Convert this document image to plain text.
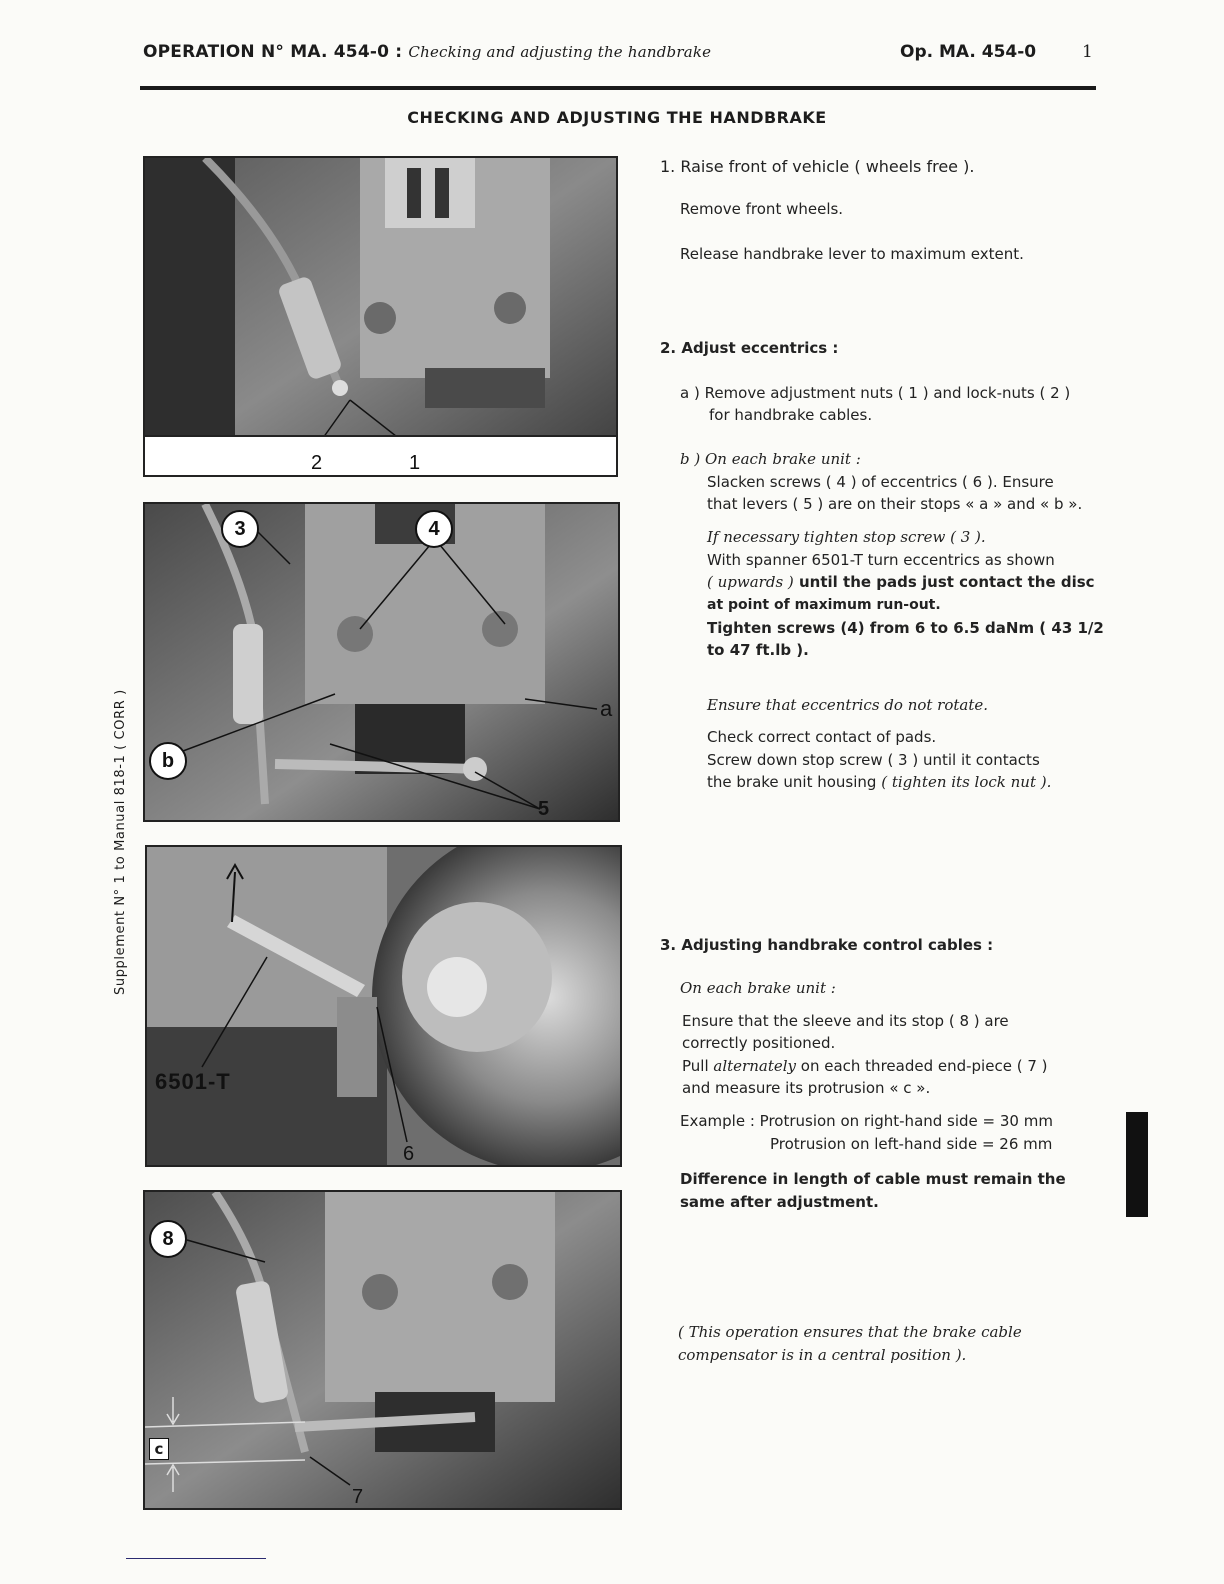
OPERATION N° MA. 454-0 : Checking and adjusting the handbrake	Op. MA. 454-0	1
CHECKING AND ADJUSTING THE HANDBRAKE
Supplement N° 1 to Manual 818-1 ( CORR )
2	1
3	4
a
b
5
6501-T
6
8
c
7
1. Raise front of vehicle ( wheels free ).
Remove front wheels.
Release handbrake lever to maximum extent.
2. Adjust eccentrics :
a ) Remove adjustment nuts ( 1 ) and lock-nuts ( 2 )
for handbrake cables.
b ) On each brake unit :
Slacken screws ( 4 ) of eccentrics ( 6 ). Ensure
that levers ( 5 ) are on their stops « a » and « b ».
If necessary tighten stop screw ( 3 ).
With spanner 6501-T turn eccentrics as shown
( upwards ) until the pads just contact the disc
at point of maximum run-out.
Tighten screws (4) from 6 to 6.5 daNm ( 43 1/2
to 47 ft.lb ).
Ensure that eccentrics do not rotate.
Check correct contact of pads.
Screw down stop screw ( 3 ) until it contacts
the brake unit housing ( tighten its lock nut ).
3. Adjusting handbrake control cables :
On each brake unit :
Ensure that the sleeve and its stop ( 8 ) are
correctly positioned.
Pull alternately on each threaded end-piece ( 7 )
and measure its protrusion « c ».
Example : Protrusion on right-hand side = 30 mm
Protrusion on left-hand side = 26 mm
Difference in length of cable must remain the
same after adjustment.
( This operation ensures that the brake cable
compensator is in a central position ).
